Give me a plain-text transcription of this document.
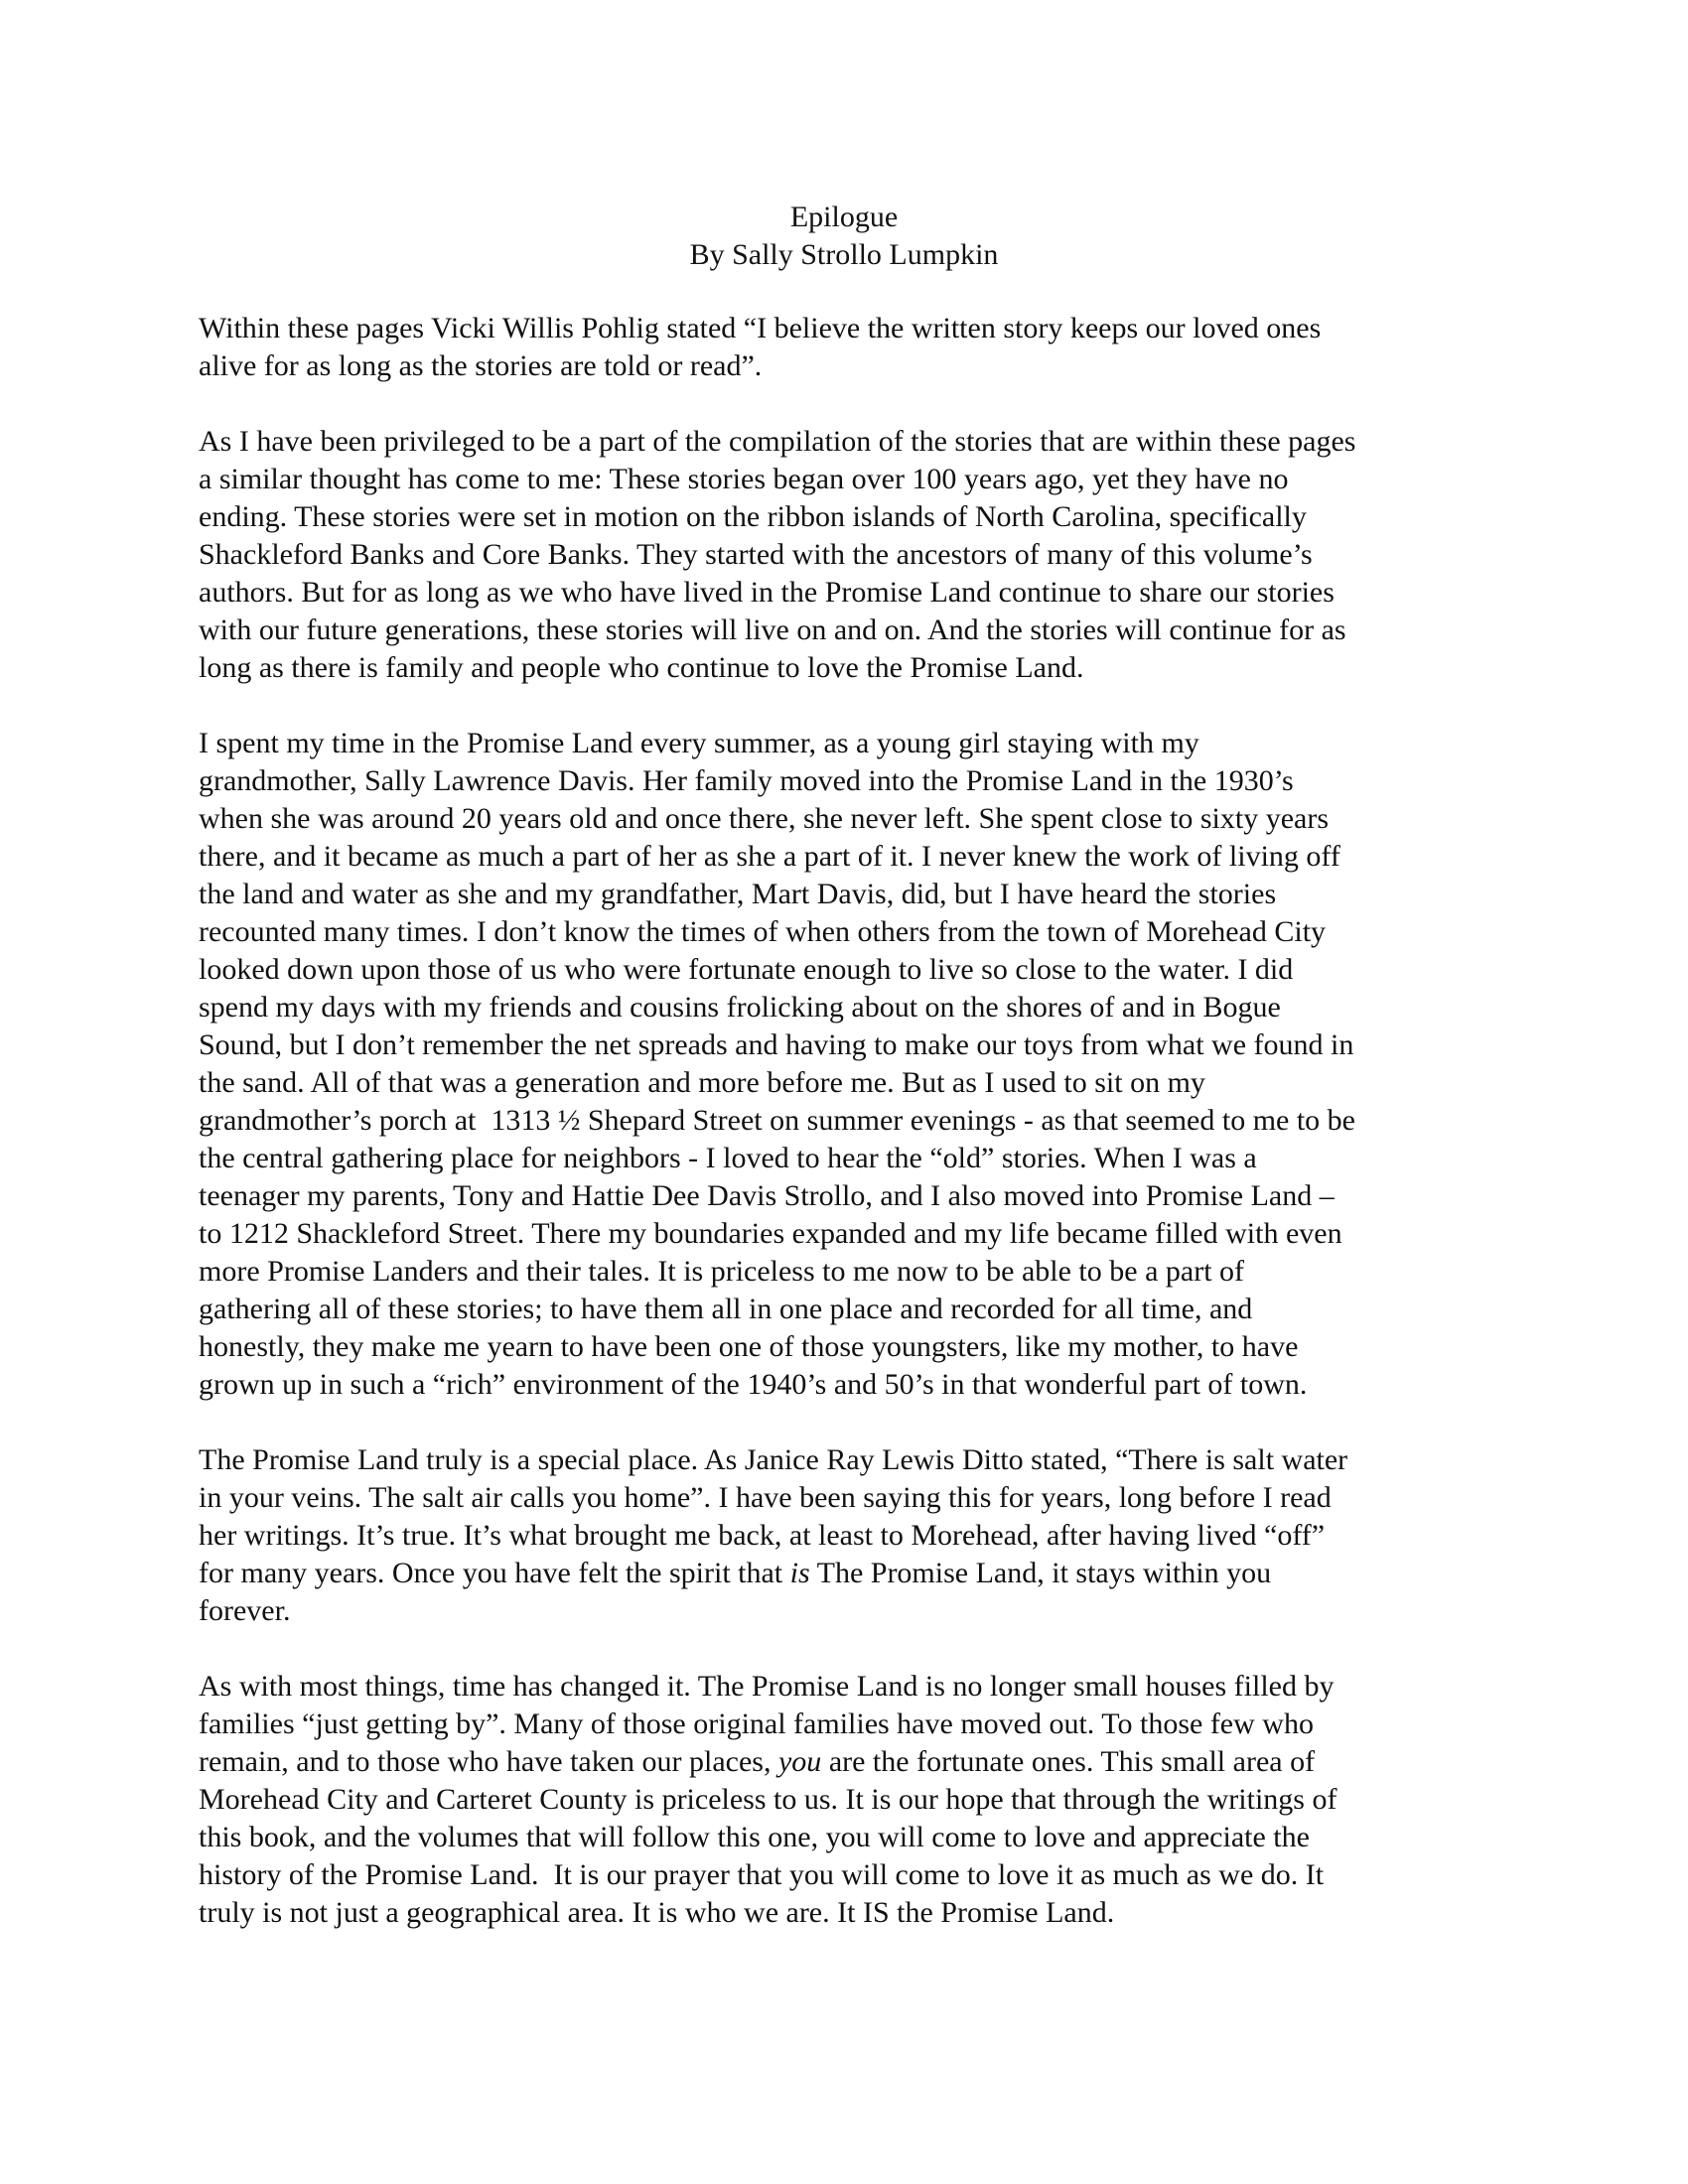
Epilogue
By Sally Strollo Lumpkin
Within these pages Vicki Willis Pohlig stated “I believe the written story keeps our loved ones
alive for as long as the stories are told or read”.
As I have been privileged to be a part of the compilation of the stories that are within these pages
a similar thought has come to me: These stories began over 100 years ago, yet they have no
ending. These stories were set in motion on the ribbon islands of North Carolina, specifically
Shackleford Banks and Core Banks. They started with the ancestors of many of this volume’s
authors. But for as long as we who have lived in the Promise Land continue to share our stories
with our future generations, these stories will live on and on. And the stories will continue for as
long as there is family and people who continue to love the Promise Land.
I spent my time in the Promise Land every summer, as a young girl staying with my
grandmother, Sally Lawrence Davis. Her family moved into the Promise Land in the 1930’s
when she was around 20 years old and once there, she never left. She spent close to sixty years
there, and it became as much a part of her as she a part of it. I never knew the work of living off
the land and water as she and my grandfather, Mart Davis, did, but I have heard the stories
recounted many times. I don’t know the times of when others from the town of Morehead City
looked down upon those of us who were fortunate enough to live so close to the water. I did
spend my days with my friends and cousins frolicking about on the shores of and in Bogue
Sound, but I don’t remember the net spreads and having to make our toys from what we found in
the sand. All of that was a generation and more before me. But as I used to sit on my
grandmother’s porch at  1313 ½ Shepard Street on summer evenings - as that seemed to me to be
the central gathering place for neighbors - I loved to hear the “old” stories. When I was a
teenager my parents, Tony and Hattie Dee Davis Strollo, and I also moved into Promise Land –
to 1212 Shackleford Street. There my boundaries expanded and my life became filled with even
more Promise Landers and their tales. It is priceless to me now to be able to be a part of
gathering all of these stories; to have them all in one place and recorded for all time, and
honestly, they make me yearn to have been one of those youngsters, like my mother, to have
grown up in such a “rich” environment of the 1940’s and 50’s in that wonderful part of town.
The Promise Land truly is a special place. As Janice Ray Lewis Ditto stated, “There is salt water
in your veins. The salt air calls you home”. I have been saying this for years, long before I read
her writings. It’s true. It’s what brought me back, at least to Morehead, after having lived “off”
for many years. Once you have felt the spirit that is The Promise Land, it stays within you
forever.
As with most things, time has changed it. The Promise Land is no longer small houses filled by
families “just getting by”. Many of those original families have moved out. To those few who
remain, and to those who have taken our places, you are the fortunate ones. This small area of
Morehead City and Carteret County is priceless to us. It is our hope that through the writings of
this book, and the volumes that will follow this one, you will come to love and appreciate the
history of the Promise Land.  It is our prayer that you will come to love it as much as we do. It
truly is not just a geographical area. It is who we are. It IS the Promise Land.
